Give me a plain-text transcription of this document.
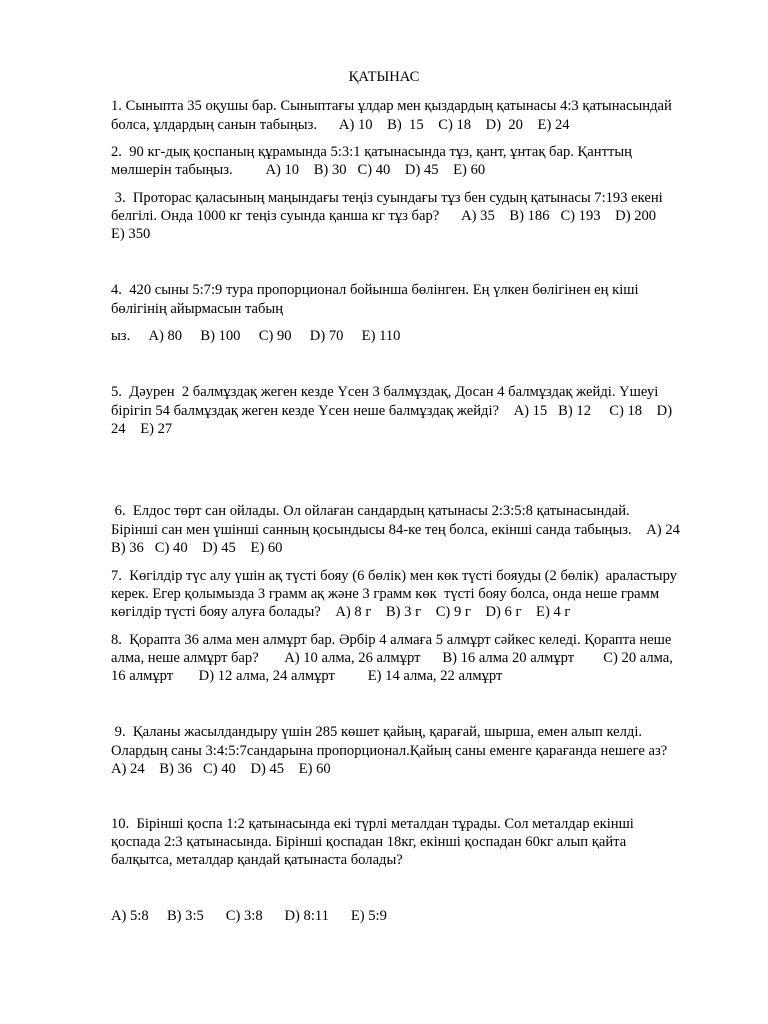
ҚАТЫНАС
1. Сыныпта 35 оқушы бар. Сыныптағы ұлдар мен қыздардың қатынасы 4:3 қатынасындай
болса, ұлдардың санын табыңыз.      A) 10    B)  15    C) 18    D)  20    E) 24
2.  90 кг-дық қоспаның құрамында 5:3:1 қатынасында тұз, қант, ұнтақ бар. Қанттың
мөлшерін табыңыз.         A) 10    B) 30   C) 40    D) 45    E) 60
3.  Проторас қаласының маңындағы теңіз суындағы тұз бен судың қатынасы 7:193 екені
белгілі. Онда 1000 кг теңіз суында қанша кг тұз бар?      A) 35    B) 186   C) 193    D) 200
E) 350
4.  420 сыны 5:7:9 тура пропорционал бойынша бөлінген. Ең үлкен бөлігінен ең кіші
бөлігінің айырмасын табың
ыз.     A) 80     B) 100     C) 90     D) 70     E) 110
5.  Дәурен  2 балмұздақ жеген кезде Үсен 3 балмұздақ, Досан 4 балмұздақ жейді. Үшеуі
бірігіп 54 балмұздақ жеген кезде Үсен неше балмұздақ жейді?    A) 15   B) 12     C) 18    D)
24    E) 27
6.  Елдос төрт сан ойлады. Ол ойлаған сандардың қатынасы 2:3:5:8 қатынасындай.
Бірінші сан мен үшінші санның қосындысы 84-ке тең болса, екінші санда табыңыз.    A) 24
B) 36   C) 40    D) 45    E) 60
7.  Көгілдір түс алу үшін ақ түсті бояу (6 бөлік) мен көк түсті бояуды (2 бөлік)  араластыру
керек. Егер қолымызда 3 грамм ақ және 3 грамм көк  түсті бояу болса, онда неше грамм
көгілдір түсті бояу алуға болады?    A) 8 г    B) 3 г    C) 9 г    D) 6 г    E) 4 г
8.  Қорапта 36 алма мен алмұрт бар. Әрбір 4 алмаға 5 алмұрт сәйкес келеді. Қорапта неше
алма, неше алмұрт бар?       A) 10 алма, 26 алмұрт      B) 16 алма 20 алмұрт        C) 20 алма,
16 алмұрт       D) 12 алма, 24 алмұрт         E) 14 алма, 22 алмұрт
9.  Қаланы жасылдандыру үшін 285 көшет қайың, қарағай, шырша, емен алып келді.
Олардың саны 3:4:5:7сандарына пропорционал.Қайың саны еменге қарағанда нешеге аз?
A) 24    B) 36   C) 40    D) 45    E) 60
10.  Бірінші қоспа 1:2 қатынасында екі түрлі металдан тұрады. Сол металдар екінші
қоспада 2:3 қатынасында. Бірінші қоспадан 18кг, екінші қоспадан 60кг алып қайта
балқытса, металдар қандай қатынаста болады?
A) 5:8     B) 3:5      C) 3:8      D) 8:11      E) 5:9
